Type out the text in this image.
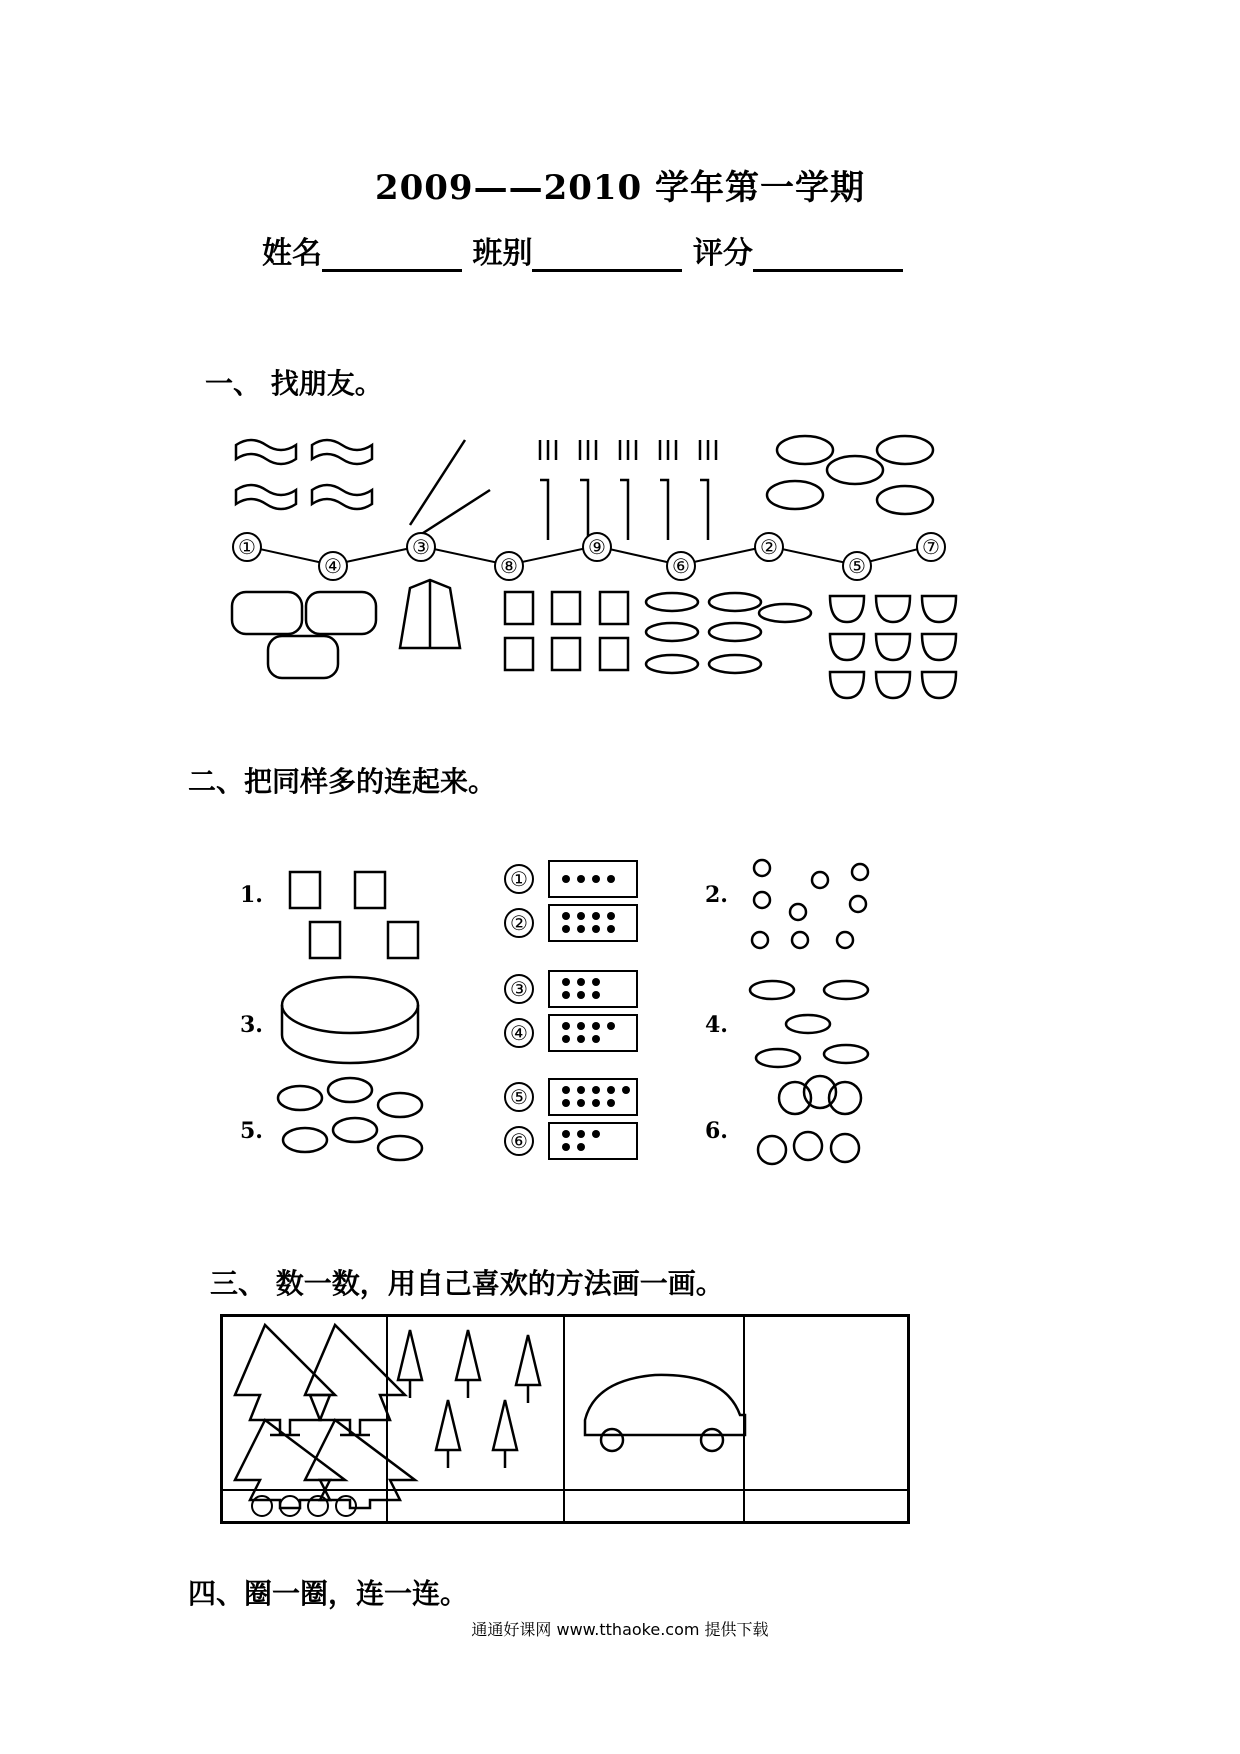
2009——2010 学年第一学期
姓名	班别	评分
一、 找朋友。
二、把同样多的连起来。
三、 数一数，用自己喜欢的方法画一画。
四、圈一圈，连一连。
①
④
③
⑧
⑨
⑥
②
⑤
⑦
1.
3.
5.
2.
4.
6.
①
②
③
④
⑤
⑥
通通好课网 www.tthaoke.com 提供下载
